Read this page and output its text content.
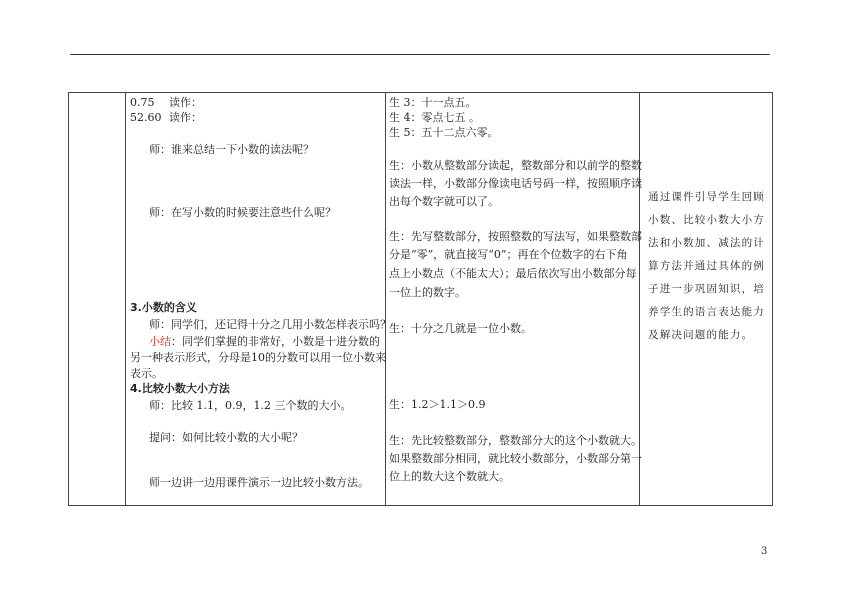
0.75 读作：
52.60 读作：
师：谁来总结一下小数的读法呢？
师：在写小数的时候要注意些什么呢？
3.小数的含义
师：同学们，还记得十分之几用小数怎样表示吗？
小结：同学们掌握的非常好，小数是十进分数的
另一种表示形式，分母是10的分数可以用一位小数来
表示。
4.比较小数大小方法
师：比较 1.1，0.9，1.2 三个数的大小。
提问：如何比较小数的大小呢？
师一边讲一边用课件演示一边比较小数方法。

生 3：十一点五。
生 4：零点七五 。
生 5：五十二点六零。
生：小数从整数部分读起，整数部分和以前学的整数
读法一样，小数部分像读电话号码一样，按照顺序读
出每个数字就可以了。
生：先写整数部分，按照整数的写法写，如果整数部
分是“零”，就直接写“0”；再在个位数字的右下角
点上小数点（不能太大）；最后依次写出小数部分每
一位上的数字。
生：十分之几就是一位小数。
生：1.2＞1.1＞0.9
生：先比较整数部分，整数部分大的这个小数就大。
如果整数部分相同，就比较小数部分，小数部分第一
位上的数大这个数就大。

通过课件引导学生回顾小数、比较小数大小方法和小数加、减法的计算方法并通过具体的例子进一步巩固知识，培养学生的语言表达能力及解决问题的能力。
3
